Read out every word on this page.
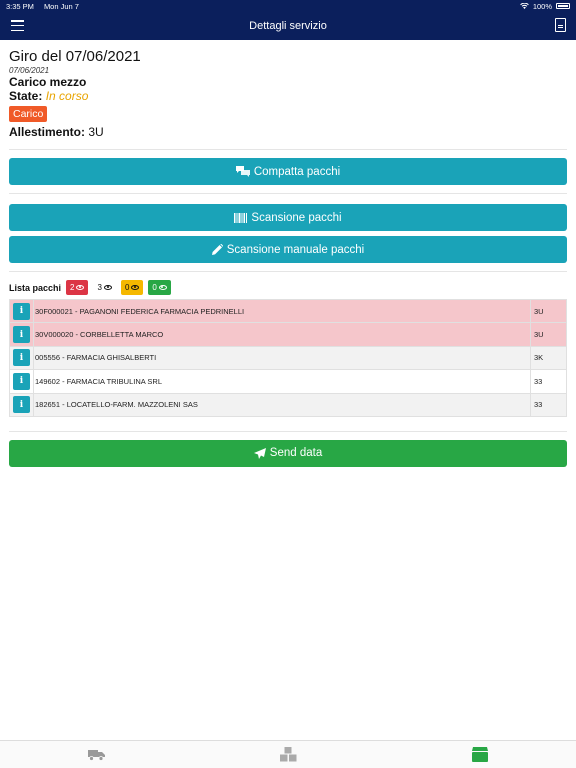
3:35 PM Mon Jun 7	100%
Dettagli servizio
Giro del 07/06/2021
07/06/2021
Carico mezzo
State: In corso
Carico
Allestimento: 3U
Compatta pacchi
Scansione pacchi
Scansione manuale pacchi
Lista pacchi 2	3	0	0
i	30F000021 - PAGANONI FEDERICA FARMACIA PEDRINELLI	3U
i	30V000020 - CORBELLETTA MARCO	3U
i	005556 - FARMACIA GHISALBERTI	3K
i	149602 - FARMACIA TRIBULINA SRL	33
i	182651 - LOCATELLO-FARM. MAZZOLENI SAS	33
Send data
